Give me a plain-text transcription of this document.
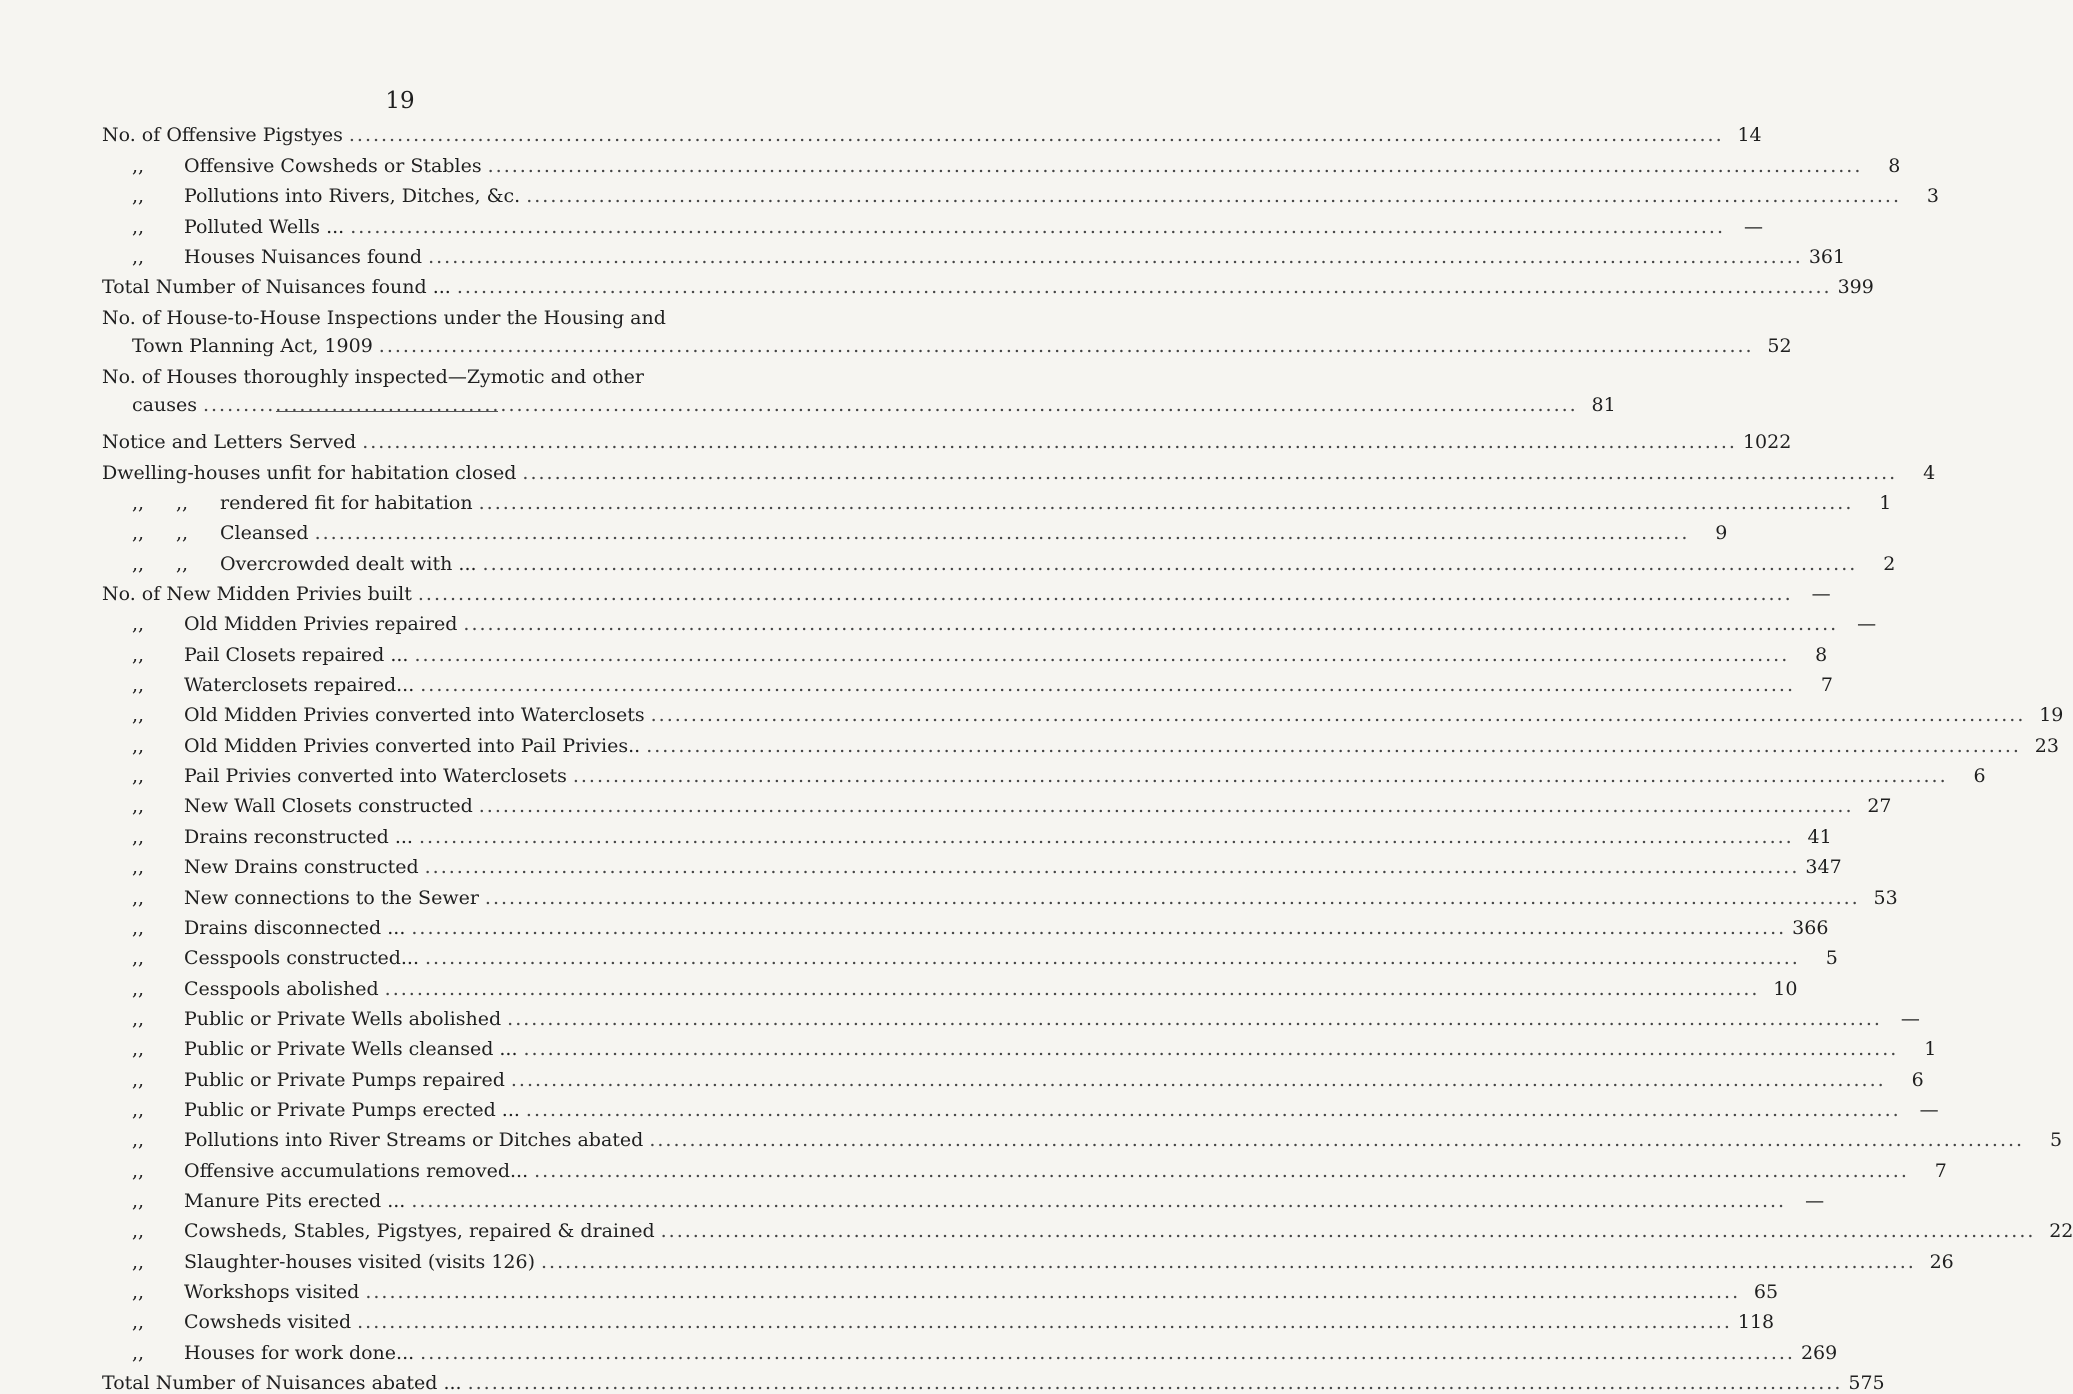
19
No. of Offensive Pigstyes .....	14
,, Offensive Cowsheds or Stables .....	8
,, Pollutions into Rivers, Ditches, &c. .....	3
,, Polluted Wells ... .....	—
,, Houses Nuisances found .....	361
Total Number of Nuisances found ... .....	399
No. of House-to-House Inspections under the Housing and
Town Planning Act, 1909 .....	52
No. of Houses thoroughly inspected—Zymotic and other
causes .....	81
Notice and Letters Served .....	1022
Dwelling-houses unfit for habitation closed .....	4
,, ,, rendered fit for habitation .....	1
,, ,, Cleansed .....	9
,, ,, Overcrowded dealt with ... .....	2
No. of New Midden Privies built .....	—
,, Old Midden Privies repaired .....	—
,, Pail Closets repaired ... .....	8
,, Waterclosets repaired... .....	7
,, Old Midden Privies converted into Waterclosets .....	19
,, Old Midden Privies converted into Pail Privies.. .....	23
,, Pail Privies converted into Waterclosets .....	6
,, New Wall Closets constructed .....	27
,, Drains reconstructed ... .....	41
,, New Drains constructed .....	347
,, New connections to the Sewer .....	53
,, Drains disconnected ... .....	366
,, Cesspools constructed... .....	5
,, Cesspools abolished .....	10
,, Public or Private Wells abolished .....	—
,, Public or Private Wells cleansed ... .....	1
,, Public or Private Pumps repaired .....	6
,, Public or Private Pumps erected ... .....	—
,, Pollutions into River Streams or Ditches abated .....	5
,, Offensive accumulations removed... .....	7
,, Manure Pits erected ... .....	—
,, Cowsheds, Stables, Pigstyes, repaired & drained .....	22
,, Slaughter-houses visited (visits 126) .....	26
,, Workshops visited .....	65
,, Cowsheds visited .....	118
,, Houses for work done... .....	269
Total Number of Nuisances abated ... .....	575
